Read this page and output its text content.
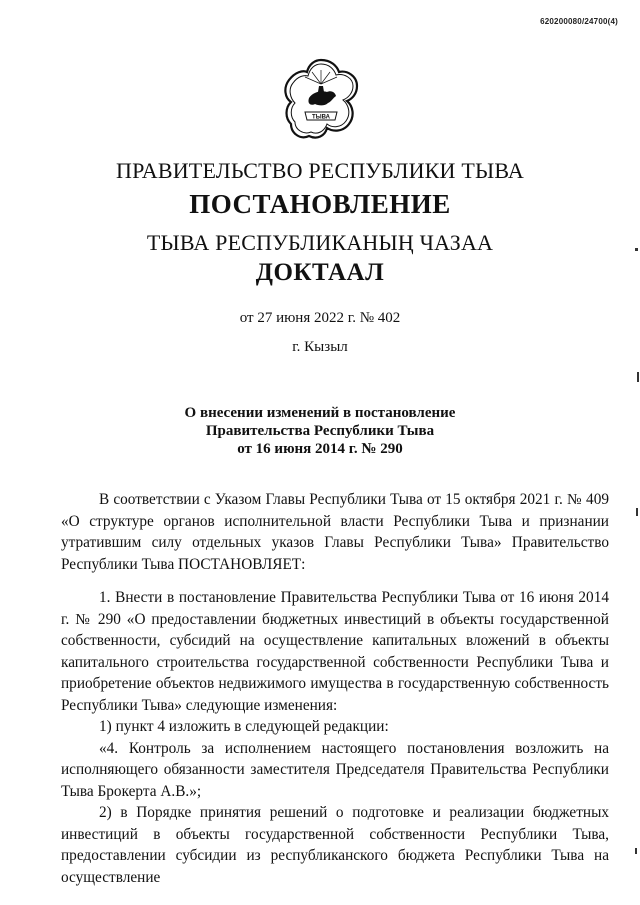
620200080/24700(4)
ТЫВА
ПРАВИТЕЛЬСТВО РЕСПУБЛИКИ ТЫВА
ПОСТАНОВЛЕНИЕ
ТЫВА РЕСПУБЛИКАНЫҢ ЧАЗАА
ДОКТААЛ
от 27 июня 2022 г. № 402
г. Кызыл
О внесении изменений в постановление
Правительства Республики Тыва
от 16 июня 2014 г. № 290

В соответствии с Указом Главы Республики Тыва от 15 октября 2021 г. № 409 «О структуре органов исполнительной власти Республики Тыва и признании утратившим силу отдельных указов Главы Республики Тыва» Правительство Республики Тыва ПОСТАНОВЛЯЕТ:

1. Внести в постановление Правительства Республики Тыва от 16 июня 2014 г. № 290 «О предоставлении бюджетных инвестиций в объекты государственной собственности, субсидий на осуществление капитальных вложений в объекты капитального строительства государственной собственности Республики Тыва и приобретение объектов недвижимого имущества в государственную собственность Республики Тыва» следующие изменения:

1) пункт 4 изложить в следующей редакции:

«4. Контроль за исполнением настоящего постановления возложить на исполняющего обязанности заместителя Председателя Правительства Республики Тыва Брокерта А.В.»;

2) в Порядке принятия решений о подготовке и реализации бюджетных инвестиций в объекты государственной собственности Республики Тыва, предоставлении субсидии из республиканского бюджета Республики Тыва на осуществление
